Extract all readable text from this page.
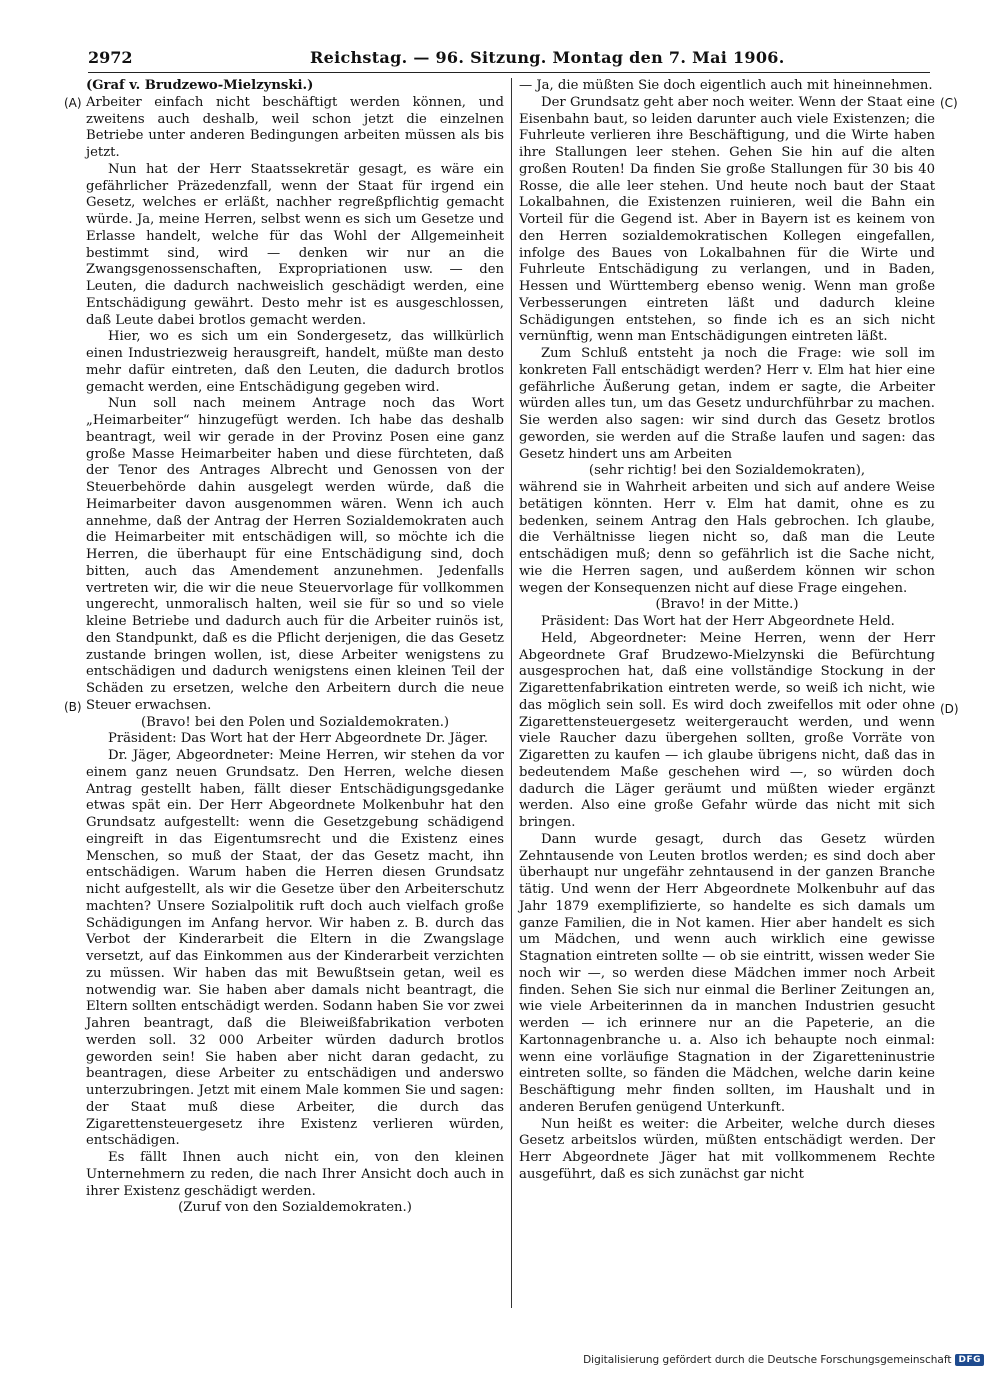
2972	Reichstag. — 96. Sitzung. Montag den 7. Mai 1906.
(A)
(B)
(C)
(D)

(Graf v. Brudzewo-Mielzynski.)

Arbeiter einfach nicht beschäftigt werden können, und zweitens auch deshalb, weil schon jetzt die einzelnen Betriebe unter anderen Bedingungen arbeiten müssen als bis jetzt.

Nun hat der Herr Staatssekretär gesagt, es wäre ein gefährlicher Präzedenzfall, wenn der Staat für irgend ein Gesetz, welches er erläßt, nachher regreßpflichtig gemacht würde. Ja, meine Herren, selbst wenn es sich um Gesetze und Erlasse handelt, welche für das Wohl der Allgemeinheit bestimmt sind, wird — denken wir nur an die Zwangsgenossenschaften, Expropriationen usw. — den Leuten, die dadurch nachweislich geschädigt werden, eine Entschädigung gewährt. Desto mehr ist es ausgeschlossen, daß Leute dabei brotlos gemacht werden.

Hier, wo es sich um ein Sondergesetz, das willkürlich einen Industriezweig herausgreift, handelt, müßte man desto mehr dafür eintreten, daß den Leuten, die dadurch brotlos gemacht werden, eine Entschädigung gegeben wird.

Nun soll nach meinem Antrage noch das Wort „Heimarbeiter“ hinzugefügt werden. Ich habe das deshalb beantragt, weil wir gerade in der Provinz Posen eine ganz große Masse Heimarbeiter haben und diese fürchteten, daß der Tenor des Antrages Albrecht und Genossen von der Steuerbehörde dahin ausgelegt werden würde, daß die Heimarbeiter davon ausgenommen wären. Wenn ich auch annehme, daß der Antrag der Herren Sozialdemokraten auch die Heimarbeiter mit entschädigen will, so möchte ich die Herren, die überhaupt für eine Entschädigung sind, doch bitten, auch das Amendement anzunehmen. Jedenfalls vertreten wir, die wir die neue Steuervorlage für vollkommen ungerecht, unmoralisch halten, weil sie für so und so viele kleine Betriebe und dadurch auch für die Arbeiter ruinös ist, den Standpunkt, daß es die Pflicht derjenigen, die das Gesetz zustande bringen wollen, ist, diese Arbeiter wenigstens zu entschädigen und dadurch wenigstens einen kleinen Teil der Schäden zu ersetzen, welche den Arbeitern durch die neue Steuer erwachsen.

(Bravo! bei den Polen und Sozialdemokraten.)

Präsident: Das Wort hat der Herr Abgeordnete Dr. Jäger.

Dr. Jäger, Abgeordneter: Meine Herren, wir stehen da vor einem ganz neuen Grundsatz. Den Herren, welche diesen Antrag gestellt haben, fällt dieser Entschädigungsgedanke etwas spät ein. Der Herr Abgeordnete Molkenbuhr hat den Grundsatz aufgestellt: wenn die Gesetzgebung schädigend eingreift in das Eigentumsrecht und die Existenz eines Menschen, so muß der Staat, der das Gesetz macht, ihn entschädigen. Warum haben die Herren diesen Grundsatz nicht aufgestellt, als wir die Gesetze über den Arbeiterschutz machten? Unsere Sozialpolitik ruft doch auch vielfach große Schädigungen im Anfang hervor. Wir haben z. B. durch das Verbot der Kinderarbeit die Eltern in die Zwangslage versetzt, auf das Einkommen aus der Kinderarbeit verzichten zu müssen. Wir haben das mit Bewußtsein getan, weil es notwendig war. Sie haben aber damals nicht beantragt, die Eltern sollten entschädigt werden. Sodann haben Sie vor zwei Jahren beantragt, daß die Bleiweißfabrikation verboten werden soll. 32 000 Arbeiter würden dadurch brotlos geworden sein! Sie haben aber nicht daran gedacht, zu beantragen, diese Arbeiter zu entschädigen und anderswo unterzubringen. Jetzt mit einem Male kommen Sie und sagen: der Staat muß diese Arbeiter, die durch das Zigarettensteuergesetz ihre Existenz verlieren würden, entschädigen.

Es fällt Ihnen auch nicht ein, von den kleinen Unternehmern zu reden, die nach Ihrer Ansicht doch auch in ihrer Existenz geschädigt werden.

(Zuruf von den Sozialdemokraten.)

— Ja, die müßten Sie doch eigentlich auch mit hineinnehmen.

Der Grundsatz geht aber noch weiter. Wenn der Staat eine Eisenbahn baut, so leiden darunter auch viele Existenzen; die Fuhrleute verlieren ihre Beschäftigung, und die Wirte haben ihre Stallungen leer stehen. Gehen Sie hin auf die alten großen Routen! Da finden Sie große Stallungen für 30 bis 40 Rosse, die alle leer stehen. Und heute noch baut der Staat Lokalbahnen, die Existenzen ruinieren, weil die Bahn ein Vorteil für die Gegend ist. Aber in Bayern ist es keinem von den Herren sozialdemokratischen Kollegen eingefallen, infolge des Baues von Lokalbahnen für die Wirte und Fuhrleute Entschädigung zu verlangen, und in Baden, Hessen und Württemberg ebenso wenig. Wenn man große Verbesserungen eintreten läßt und dadurch kleine Schädigungen entstehen, so finde ich es an sich nicht vernünftig, wenn man Entschädigungen eintreten läßt.

Zum Schluß entsteht ja noch die Frage: wie soll im konkreten Fall entschädigt werden? Herr v. Elm hat hier eine gefährliche Äußerung getan, indem er sagte, die Arbeiter würden alles tun, um das Gesetz undurchführbar zu machen. Sie werden also sagen: wir sind durch das Gesetz brotlos geworden, sie werden auf die Straße laufen und sagen: das Gesetz hindert uns am Arbeiten

(sehr richtig! bei den Sozialdemokraten),

während sie in Wahrheit arbeiten und sich auf andere Weise betätigen könnten. Herr v. Elm hat damit, ohne es zu bedenken, seinem Antrag den Hals gebrochen. Ich glaube, die Verhältnisse liegen nicht so, daß man die Leute entschädigen muß; denn so gefährlich ist die Sache nicht, wie die Herren sagen, und außerdem können wir schon wegen der Konsequenzen nicht auf diese Frage eingehen.

(Bravo! in der Mitte.)

Präsident: Das Wort hat der Herr Abgeordnete Held.

Held, Abgeordneter: Meine Herren, wenn der Herr Abgeordnete Graf Brudzewo-Mielzynski die Befürchtung ausgesprochen hat, daß eine vollständige Stockung in der Zigarettenfabrikation eintreten werde, so weiß ich nicht, wie das möglich sein soll. Es wird doch zweifellos mit oder ohne Zigarettensteuergesetz weitergeraucht werden, und wenn viele Raucher dazu übergehen sollten, große Vorräte von Zigaretten zu kaufen — ich glaube übrigens nicht, daß das in bedeutendem Maße geschehen wird —, so würden doch dadurch die Läger geräumt und müßten wieder ergänzt werden. Also eine große Gefahr würde das nicht mit sich bringen.

Dann wurde gesagt, durch das Gesetz würden Zehntausende von Leuten brotlos werden; es sind doch aber überhaupt nur ungefähr zehntausend in der ganzen Branche tätig. Und wenn der Herr Abgeordnete Molkenbuhr auf das Jahr 1879 exemplifizierte, so handelte es sich damals um ganze Familien, die in Not kamen. Hier aber handelt es sich um Mädchen, und wenn auch wirklich eine gewisse Stagnation eintreten sollte — ob sie eintritt, wissen weder Sie noch wir —, so werden diese Mädchen immer noch Arbeit finden. Sehen Sie sich nur einmal die Berliner Zeitungen an, wie viele Arbeiterinnen da in manchen Industrien gesucht werden — ich erinnere nur an die Papeterie, an die Kartonnagenbranche u. a. Also ich behaupte noch einmal: wenn eine vorläufige Stagnation in der Zigaretteninustrie eintreten sollte, so fänden die Mädchen, welche darin keine Beschäftigung mehr finden sollten, im Haushalt und in anderen Berufen genügend Unterkunft.

Nun heißt es weiter: die Arbeiter, welche durch dieses Gesetz arbeitslos würden, müßten entschädigt werden. Der Herr Abgeordnete Jäger hat mit vollkommenem Rechte ausgeführt, daß es sich zunächst gar nicht

Digitalisierung gefördert durch die Deutsche Forschungsgemeinschaft DFG
